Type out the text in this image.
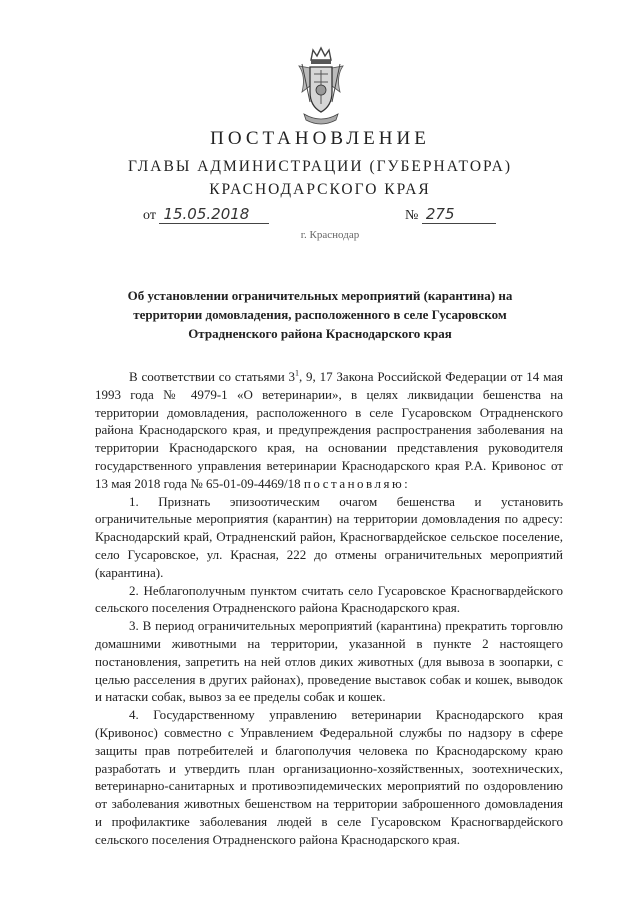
ПОСТАНОВЛЕНИЕ
ГЛАВЫ АДМИНИСТРАЦИИ (ГУБЕРНАТОРА)
КРАСНОДАРСКОГО КРАЯ
от 15.05.2018	№ 275
г. Краснодар
Об установлении ограничительных мероприятий (карантина) на территории домовладения, расположенного в селе Гусаровском Отрадненского района Краснодарского края

В соответствии со статьями $3^1$, 9, 17 Закона Российской Федерации от 14 мая 1993 года № 4979-1 «О ветеринарии», в целях ликвидации бешенства на территории домовладения, расположенного в селе Гусаровском Отрадненского района Краснодарского края, и предупреждения распространения заболевания на территории Краснодарского края, на основании представления руководителя государственного управления ветеринарии Краснодарского края Р.А. Кривонос от 13 мая 2018 года № 65-01-09-4469/18 постановляю:

1. Признать эпизоотическим очагом бешенства и установить ограничительные мероприятия (карантин) на территории домовладения по адресу: Краснодарский край, Отрадненский район, Красногвардейское сельское поселение, село Гусаровское, ул. Красная, 222 до отмены ограничительных мероприятий (карантина).

2. Неблагополучным пунктом считать село Гусаровское Красногвардейского сельского поселения Отрадненского района Краснодарского края.

3. В период ограничительных мероприятий (карантина) прекратить торговлю домашними животными на территории, указанной в пункте 2 настоящего постановления, запретить на ней отлов диких животных (для вывоза в зоопарки, с целью расселения в других районах), проведение выставок собак и кошек, выводок и натаски собак, вывоз за ее пределы собак и кошек.

4. Государственному управлению ветеринарии Краснодарского края (Кривонос) совместно с Управлением Федеральной службы по надзору в сфере защиты прав потребителей и благополучия человека по Краснодарскому краю разработать и утвердить план организационно-хозяйственных, зоотехнических, ветеринарно-санитарных и противоэпидемических мероприятий по оздоровлению от заболевания животных бешенством на территории заброшенного домовладения и профилактике заболевания людей в селе Гусаровском Красногвардейского сельского поселения Отрадненского района Краснодарского края.
